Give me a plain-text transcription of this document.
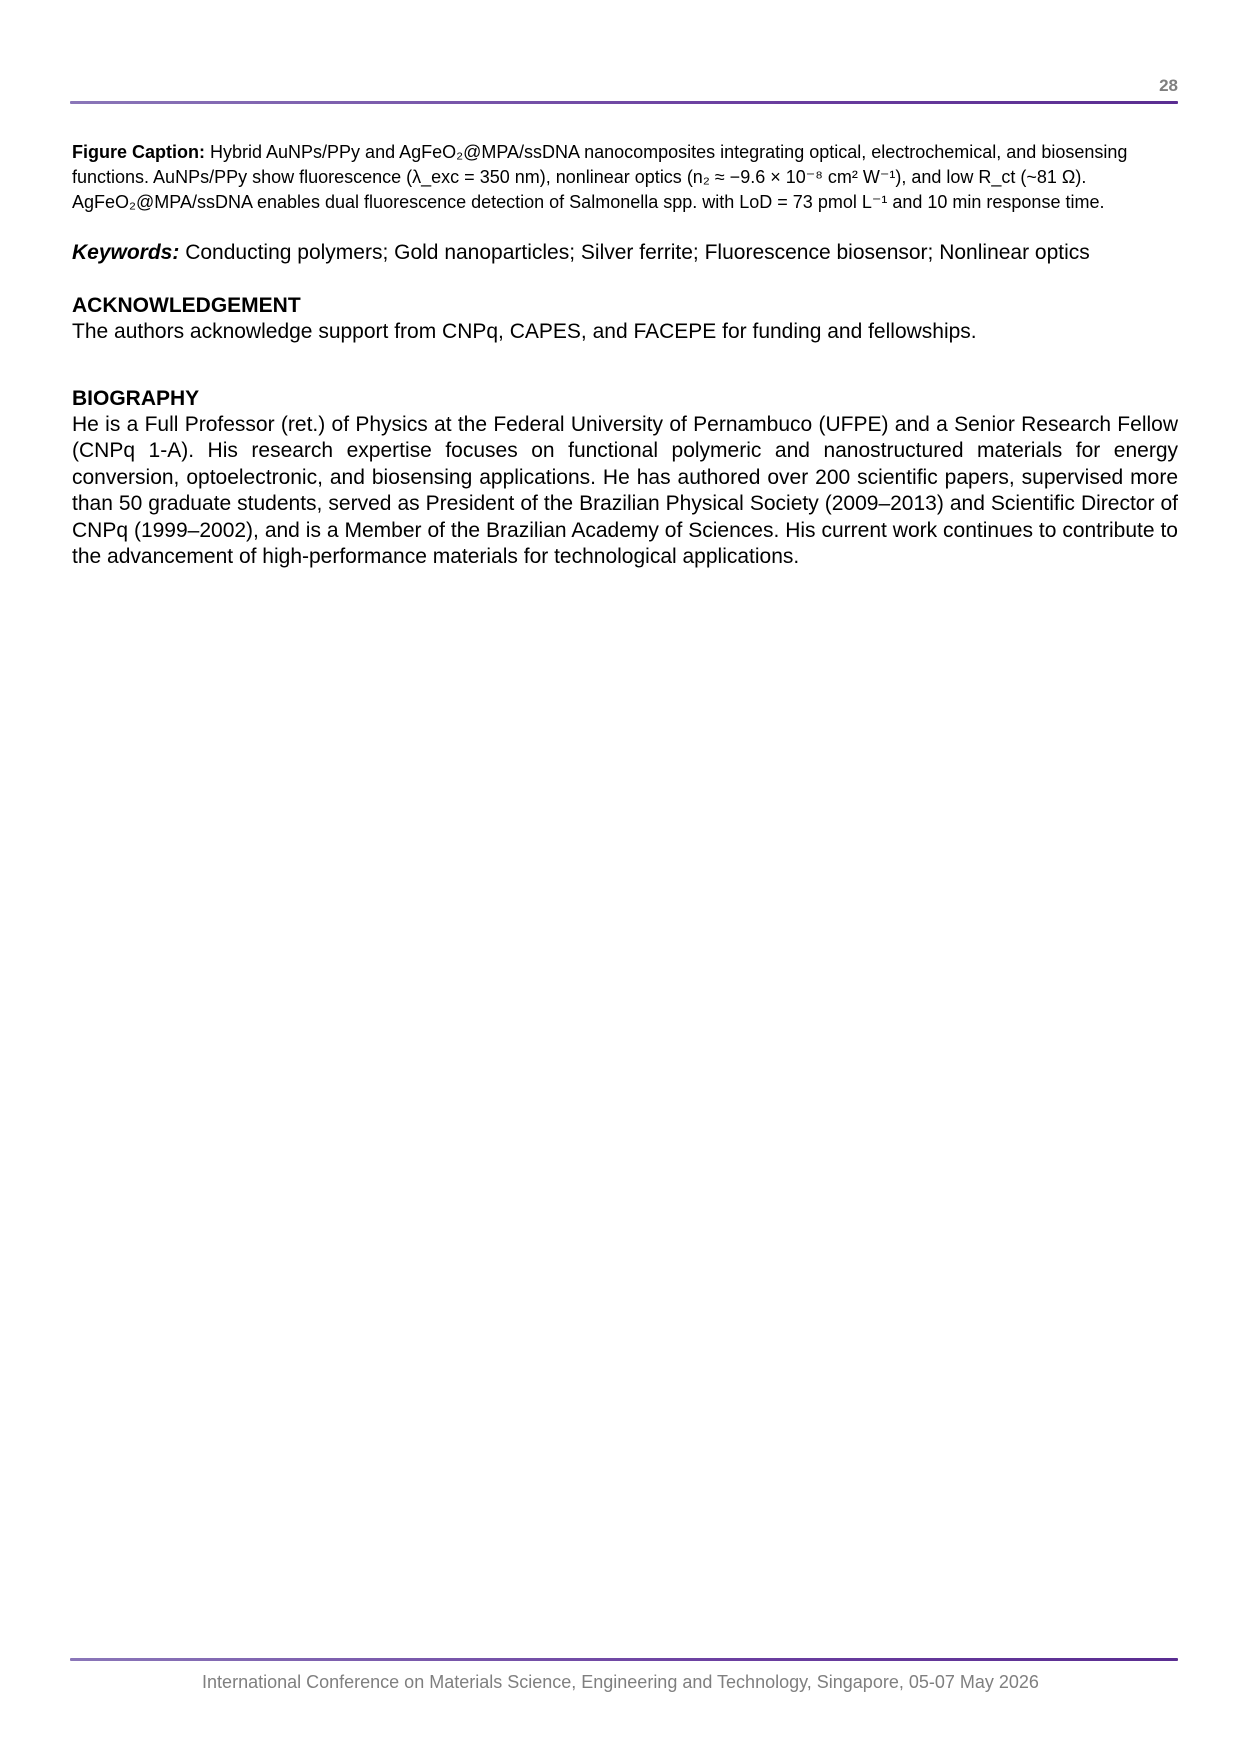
28

Figure Caption: Hybrid AuNPs/PPy and AgFeO₂@MPA/ssDNA nanocomposites integrating optical, electrochemical, and biosensing functions. AuNPs/PPy show fluorescence (λ_exc = 350 nm), nonlinear optics (n₂ ≈ −9.6 × 10⁻⁸ cm² W⁻¹), and low R_ct (~81 Ω). AgFeO₂@MPA/ssDNA enables dual fluorescence detection of Salmonella spp. with LoD = 73 pmol L⁻¹ and 10 min response time.

Keywords: Conducting polymers; Gold nanoparticles; Silver ferrite; Fluorescence biosensor; Nonlinear optics

ACKNOWLEDGEMENT

The authors acknowledge support from CNPq, CAPES, and FACEPE for funding and fellowships.

BIOGRAPHY

He is a Full Professor (ret.) of Physics at the Federal University of Pernambuco (UFPE) and a Senior Research Fellow (CNPq 1-A). His research expertise focuses on functional polymeric and nanostructured materials for energy conversion, optoelectronic, and biosensing applications. He has authored over 200 scientific papers, supervised more than 50 graduate students, served as President of the Brazilian Physical Society (2009–2013) and Scientific Director of CNPq (1999–2002), and is a Member of the Brazilian Academy of Sciences. His current work continues to contribute to the advancement of high-performance materials for technological applications.

International Conference on Materials Science, Engineering and Technology, Singapore, 05-07 May 2026
